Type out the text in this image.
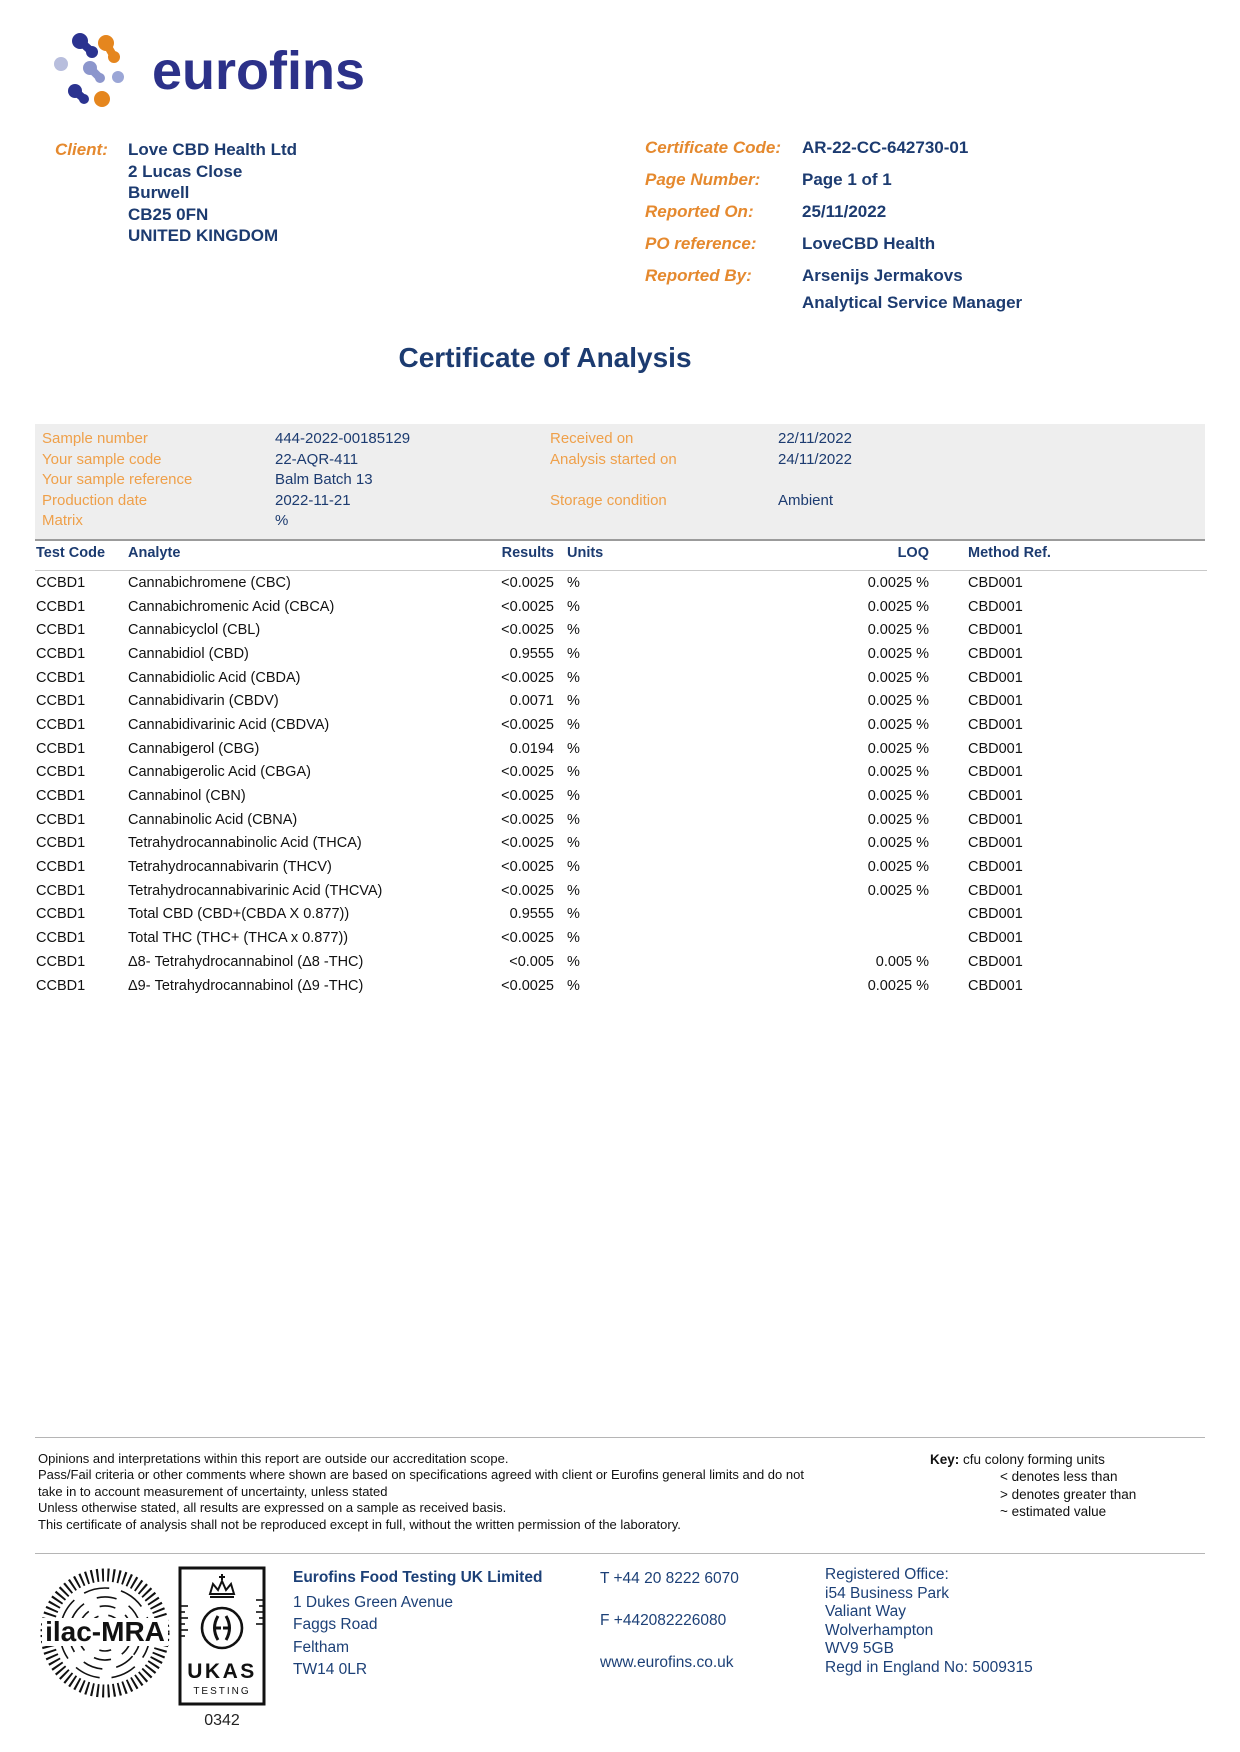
eurofins
Client: Love CBD Health Ltd
2 Lucas Close
Burwell
CB25 0FN
UNITED KINGDOM
Certificate Code: AR-22-CC-642730-01
Page Number: Page 1 of 1
Reported On:	25/11/2022
PO reference:	LoveCBD Health
Reported By:	Arsenijs Jermakovs
Analytical Service Manager
Certificate of Analysis
Sample number	444-2022-00185129	Received on	22/11/2022
Your sample code	22-AQR-411	Analysis started on	24/11/2022
Your sample reference	Balm Batch 13
Production date	2022-11-21	Storage condition	Ambient
Matrix	%
Test Code	Analyte	Results	Units	LOQ	Method Ref.
CCBD1	Cannabichromene (CBC)	<0.0025	%	0.0025 %	CBD001
CCBD1	Cannabichromenic Acid (CBCA)	<0.0025	%	0.0025 %	CBD001
CCBD1	Cannabicyclol (CBL)	<0.0025	%	0.0025 %	CBD001
CCBD1	Cannabidiol (CBD)	0.9555	%	0.0025 %	CBD001
CCBD1	Cannabidiolic Acid (CBDA)	<0.0025	%	0.0025 %	CBD001
CCBD1	Cannabidivarin (CBDV)	0.0071	%	0.0025 %	CBD001
CCBD1	Cannabidivarinic Acid (CBDVA)	<0.0025	%	0.0025 %	CBD001
CCBD1	Cannabigerol (CBG)	0.0194	%	0.0025 %	CBD001
CCBD1	Cannabigerolic Acid (CBGA)	<0.0025	%	0.0025 %	CBD001
CCBD1	Cannabinol (CBN)	<0.0025	%	0.0025 %	CBD001
CCBD1	Cannabinolic Acid (CBNA)	<0.0025	%	0.0025 %	CBD001
CCBD1	Tetrahydrocannabinolic Acid (THCA)	<0.0025	%	0.0025 %	CBD001
CCBD1	Tetrahydrocannabivarin (THCV)	<0.0025	%	0.0025 %	CBD001
CCBD1	Tetrahydrocannabivarinic Acid (THCVA)	<0.0025	%	0.0025 %	CBD001
CCBD1	Total CBD (CBD+(CBDA X 0.877))	0.9555	%		CBD001
CCBD1	Total THC (THC+ (THCA x 0.877))	<0.0025	%		CBD001
CCBD1	Δ8- Tetrahydrocannabinol (Δ8 -THC)	<0.005	%	0.005 %	CBD001
CCBD1	Δ9- Tetrahydrocannabinol (Δ9 -THC)	<0.0025	%	0.0025 %	CBD001
Opinions and interpretations within this report are outside our accreditation scope.
Pass/Fail criteria or other comments where shown are based on specifications agreed with client or Eurofins general limits and do not
take in to account measurement of uncertainty, unless stated
Unless otherwise stated, all results are expressed on a sample as received basis.
This certificate of analysis shall not be reproduced except in full, without the written permission of the laboratory.
Key: cfu colony forming units
< denotes less than
> denotes greater than
~ estimated value
ilac-MRA
UKAS
TESTING
0342
Eurofins Food Testing UK Limited
1 Dukes Green Avenue
Faggs Road
Feltham
TW14 0LR
T +44 20 8222 6070
F +442082226080
www.eurofins.co.uk
Registered Office:
i54 Business Park
Valiant Way
Wolverhampton
WV9 5GB
Regd in England No: 5009315
